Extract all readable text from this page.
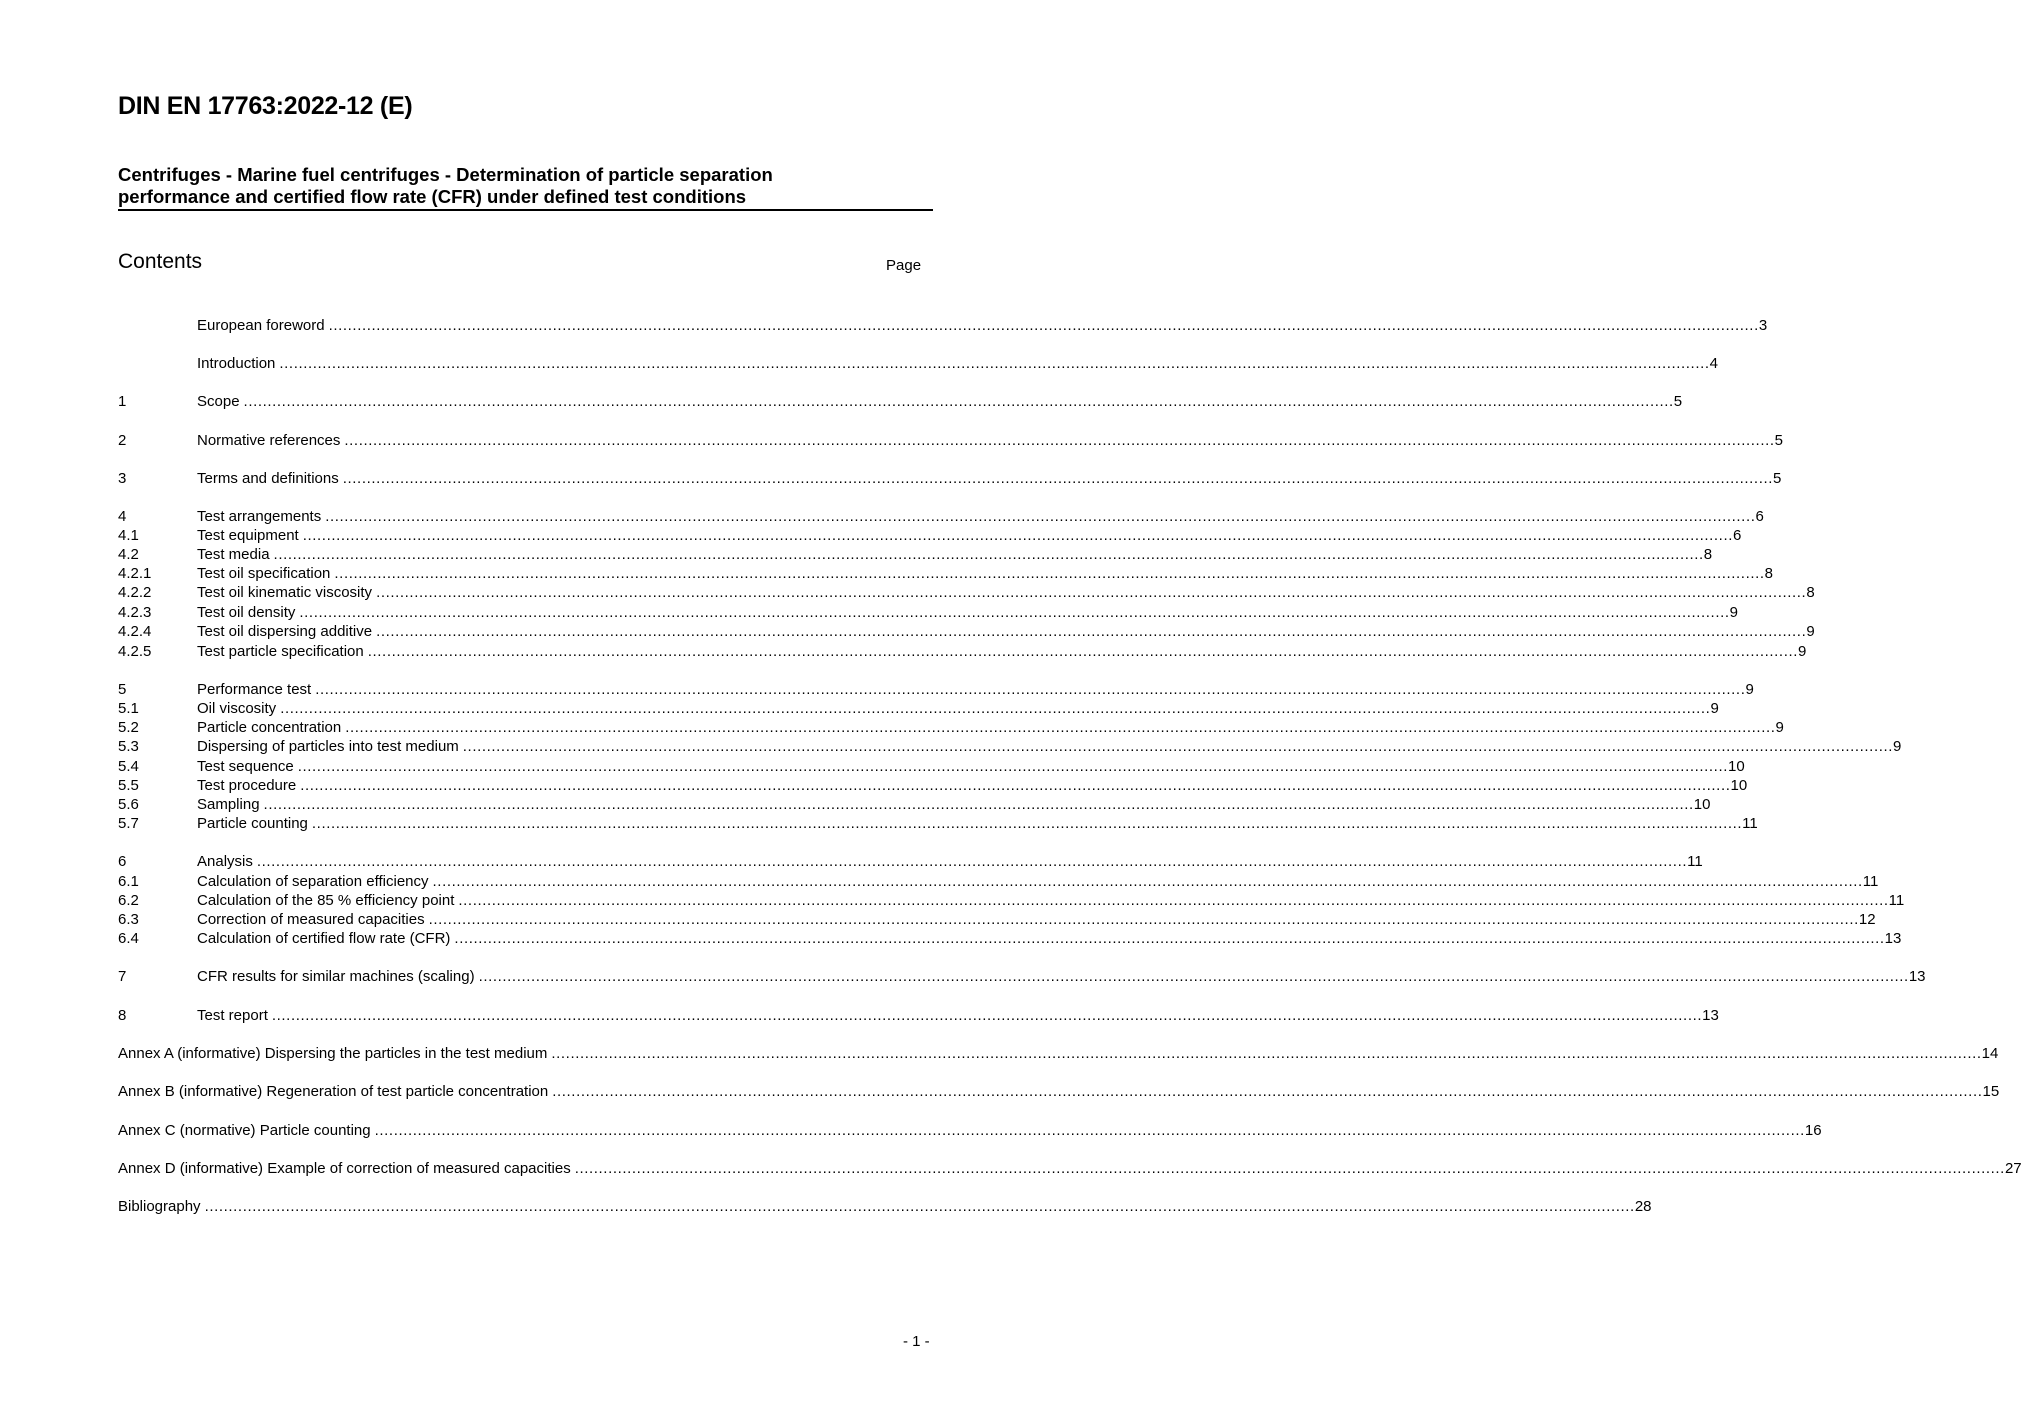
DIN EN 17763:2022-12 (E)
Centrifuges - Marine fuel centrifuges - Determination of particle separation
performance and certified flow rate (CFR) under defined test conditions
Contents	Page
European foreword ............................................................................................................................................................................................................................................................................................................ 3
Introduction ............................................................................................................................................................................................................................................................................................................ 4
1	Scope ............................................................................................................................................................................................................................................................................................................ 5
2	Normative references ............................................................................................................................................................................................................................................................................................................ 5
3	Terms and definitions ............................................................................................................................................................................................................................................................................................................ 5
4	Test arrangements ............................................................................................................................................................................................................................................................................................................ 6
4.1	Test equipment ............................................................................................................................................................................................................................................................................................................ 6
4.2	Test media ............................................................................................................................................................................................................................................................................................................ 8
4.2.1	Test oil specification ............................................................................................................................................................................................................................................................................................................ 8
4.2.2	Test oil kinematic viscosity ............................................................................................................................................................................................................................................................................................................ 8
4.2.3	Test oil density ............................................................................................................................................................................................................................................................................................................ 9
4.2.4	Test oil dispersing additive ............................................................................................................................................................................................................................................................................................................ 9
4.2.5	Test particle specification ............................................................................................................................................................................................................................................................................................................ 9
5	Performance test ............................................................................................................................................................................................................................................................................................................ 9
5.1	Oil viscosity ............................................................................................................................................................................................................................................................................................................ 9
5.2	Particle concentration ............................................................................................................................................................................................................................................................................................................ 9
5.3	Dispersing of particles into test medium ............................................................................................................................................................................................................................................................................................................ 9
5.4	Test sequence ............................................................................................................................................................................................................................................................................................................ 10
5.5	Test procedure ............................................................................................................................................................................................................................................................................................................ 10
5.6	Sampling ............................................................................................................................................................................................................................................................................................................ 10
5.7	Particle counting ............................................................................................................................................................................................................................................................................................................ 11
6	Analysis ............................................................................................................................................................................................................................................................................................................ 11
6.1	Calculation of separation efficiency ............................................................................................................................................................................................................................................................................................................ 11
6.2	Calculation of the 85 % efficiency point ............................................................................................................................................................................................................................................................................................................ 11
6.3	Correction of measured capacities ............................................................................................................................................................................................................................................................................................................ 12
6.4	Calculation of certified flow rate (CFR) ............................................................................................................................................................................................................................................................................................................ 13
7	CFR results for similar machines (scaling) ............................................................................................................................................................................................................................................................................................................ 13
8	Test report ............................................................................................................................................................................................................................................................................................................ 13
Annex A (informative) Dispersing the particles in the test medium ............................................................................................................................................................................................................................................................................................................ 14
Annex B (informative) Regeneration of test particle concentration ............................................................................................................................................................................................................................................................................................................ 15
Annex C (normative) Particle counting ............................................................................................................................................................................................................................................................................................................ 16
Annex D (informative) Example of correction of measured capacities ............................................................................................................................................................................................................................................................................................................ 27
Bibliography ............................................................................................................................................................................................................................................................................................................ 28
- 1 -
